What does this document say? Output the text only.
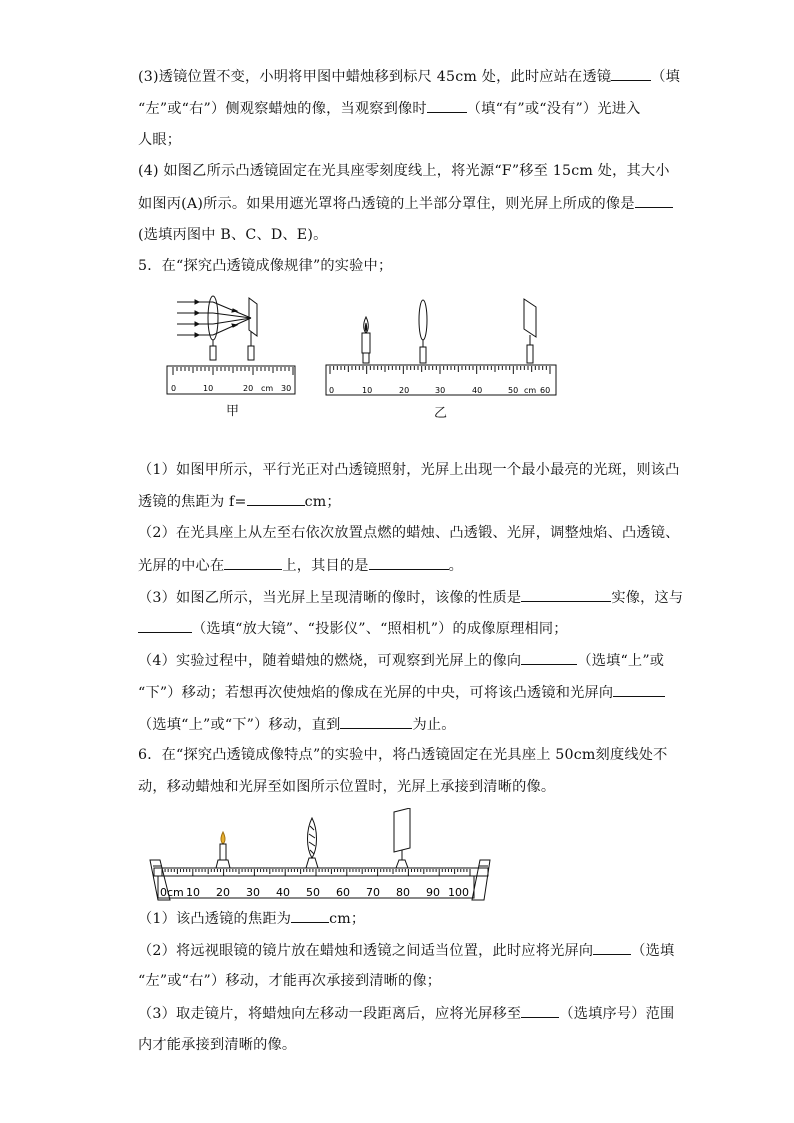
(3)透镜位置不变，小明将甲图中蜡烛移到标尺 45cm 处，此时应站在透镜	（填
“左”或“右”）侧观察蜡烛的像，当观察到像时	（填“有”或“没有”）光进入
人眼；
(4) 如图乙所示凸透镜固定在光具座零刻度线上，将光源“F”移至 15cm 处，其大小
如图丙(A)所示。如果用遮光罩将凸透镜的上半部分罩住，则光屏上所成的像是
(选填丙图中 B、C、D、E)。
5．在“探究凸透镜成像规律”的实验中；
0	10	20 cm 30
甲
0	10	20	30	40	50 cm 60
乙
（1）如图甲所示，平行光正对凸透镜照射，光屏上出现一个最小最亮的光斑，则该凸
透镜的焦距为 f=	cm；
（2）在光具座上从左至右依次放置点燃的蜡烛、凸透锻、光屏，调整烛焰、凸透镜、
光屏的中心在	上，其目的是	。
（3）如图乙所示，当光屏上呈现清晰的像时，该像的性质是	实像，这与
（选填“放大镜”、“投影仪”、“照相机”）的成像原理相同；
（4）实验过程中，随着蜡烛的燃烧，可观察到光屏上的像向	（选填“上”或
“下”）移动；若想再次使烛焰的像成在光屏的中央，可将该凸透镜和光屏向
（选填“上”或“下”）移动，直到	为止。
6．在“探究凸透镜成像特点”的实验中，将凸透镜固定在光具座上 50cm刻度线处不
动，移动蜡烛和光屏至如图所示位置时，光屏上承接到清晰的像。
0cm 10 20 30 40 50 60 70 80 90 100
（1）该凸透镜的焦距为	cm；
（2）将远视眼镜的镜片放在蜡烛和透镜之间适当位置，此时应将光屏向	（选填
“左”或“右”）移动，才能再次承接到清晰的像；
（3）取走镜片，将蜡烛向左移动一段距离后，应将光屏移至	（选填序号）范围
内才能承接到清晰的像。
